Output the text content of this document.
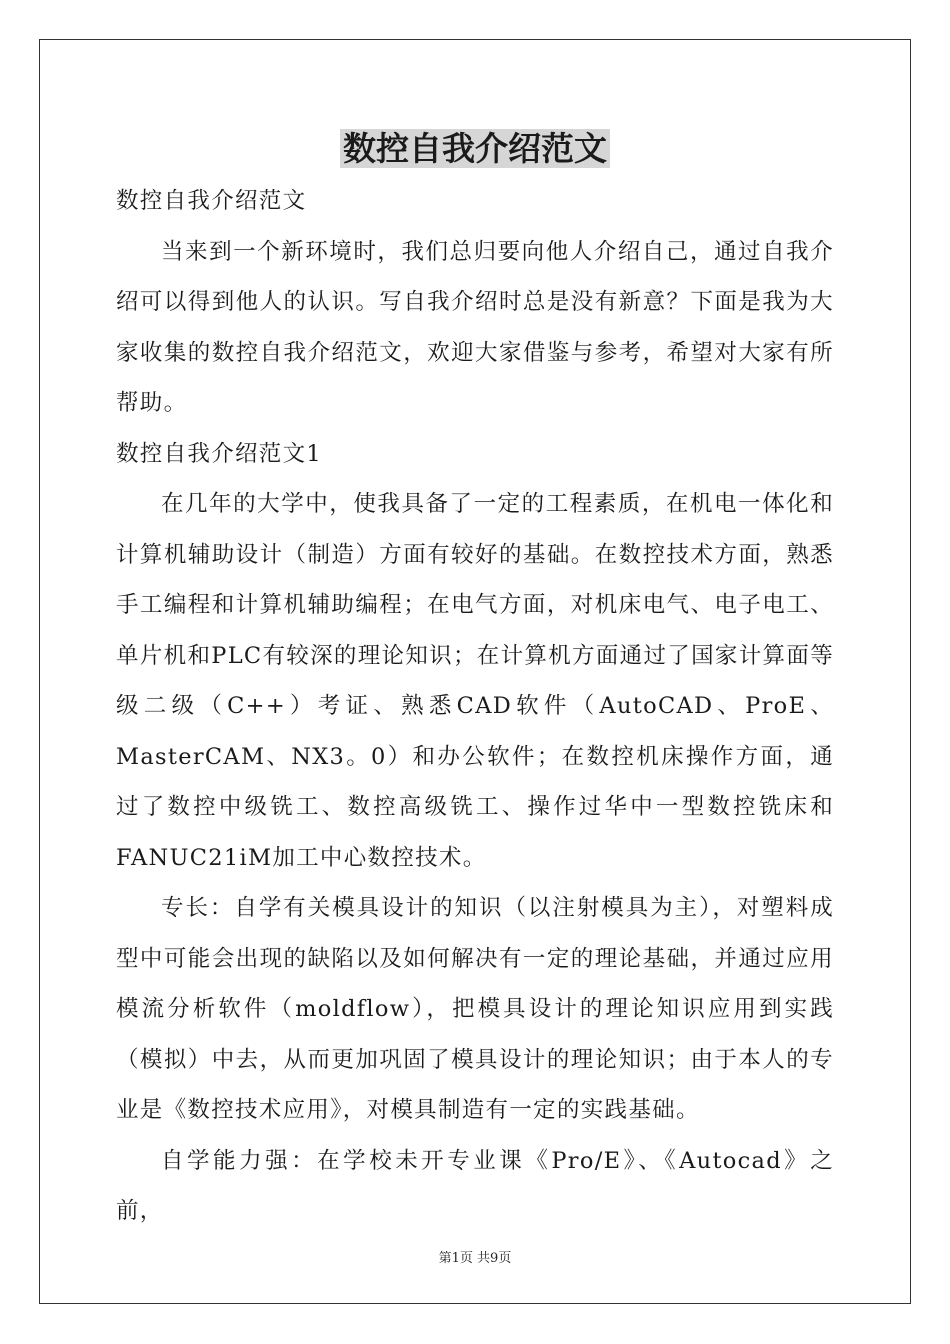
数控自我介绍范文

数控自我介绍范文

当来到一个新环境时，我们总归要向他人介绍自己，通过自我介绍可以得到他人的认识。写自我介绍时总是没有新意？下面是我为大家收集的数控自我介绍范文，欢迎大家借鉴与参考，希望对大家有所帮助。

数控自我介绍范文1

在几年的大学中，使我具备了一定的工程素质，在机电一体化和计算机辅助设计（制造）方面有较好的基础。在数控技术方面，熟悉手工编程和计算机辅助编程；在电气方面，对机床电气、电子电工、单片机和PLC有较深的理论知识；在计算机方面通过了国家计算面等级二级（C++）考证、熟悉CAD软件（AutoCAD、ProE、MasterCAM、NX3。0）和办公软件；在数控机床操作方面，通过了数控中级铣工、数控高级铣工、操作过华中一型数控铣床和FANUC21iM加工中心数控技术。

专长：自学有关模具设计的知识（以注射模具为主），对塑料成型中可能会出现的缺陷以及如何解决有一定的理论基础，并通过应用模流分析软件（moldflow），把模具设计的理论知识应用到实践（模拟）中去，从而更加巩固了模具设计的理论知识；由于本人的专业是《数控技术应用》，对模具制造有一定的实践基础。

自学能力强：在学校未开专业课《Pro/E》、《Autocad》之前，

第1页 共9页
